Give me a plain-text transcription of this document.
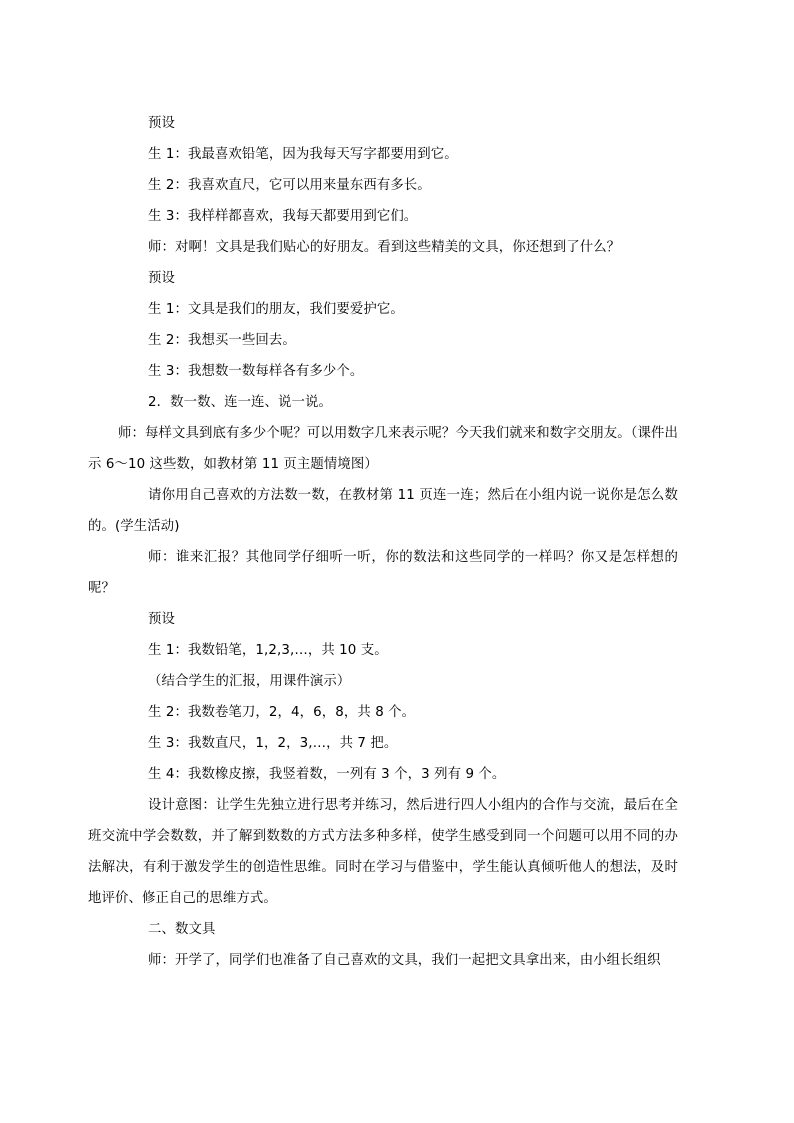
预设

生 1：我最喜欢铅笔，因为我每天写字都要用到它。

生 2：我喜欢直尺，它可以用来量东西有多长。

生 3：我样样都喜欢，我每天都要用到它们。

师：对啊！文具是我们贴心的好朋友。看到这些精美的文具，你还想到了什么？

预设

生 1：文具是我们的朋友，我们要爱护它。

生 2：我想买一些回去。

生 3：我想数一数每样各有多少个。

2．数一数、连一连、说一说。

师：每样文具到底有多少个呢？可以用数字几来表示呢？今天我们就来和数字交朋友。（课件出示 6～10 这些数，如教材第 11 页主题情境图）

请你用自己喜欢的方法数一数，在教材第 11 页连一连；然后在小组内说一说你是怎么数的。(学生活动)

师：谁来汇报？其他同学仔细听一听，你的数法和这些同学的一样吗？你又是怎样想的呢？

预设

生 1：我数铅笔，1,2,3,…，共 10 支。

（结合学生的汇报，用课件演示）

生 2：我数卷笔刀，2，4，6，8，共 8 个。

生 3：我数直尺，1，2，3,…，共 7 把。

生 4：我数橡皮擦，我竖着数，一列有 3 个，3 列有 9 个。

设计意图：让学生先独立进行思考并练习，然后进行四人小组内的合作与交流，最后在全班交流中学会数数，并了解到数数的方式方法多种多样，使学生感受到同一个问题可以用不同的办法解决，有利于激发学生的创造性思维。同时在学习与借鉴中，学生能认真倾听他人的想法，及时地评价、修正自己的思维方式。

二、数文具

师：开学了，同学们也准备了自己喜欢的文具，我们一起把文具拿出来，由小组长组织
